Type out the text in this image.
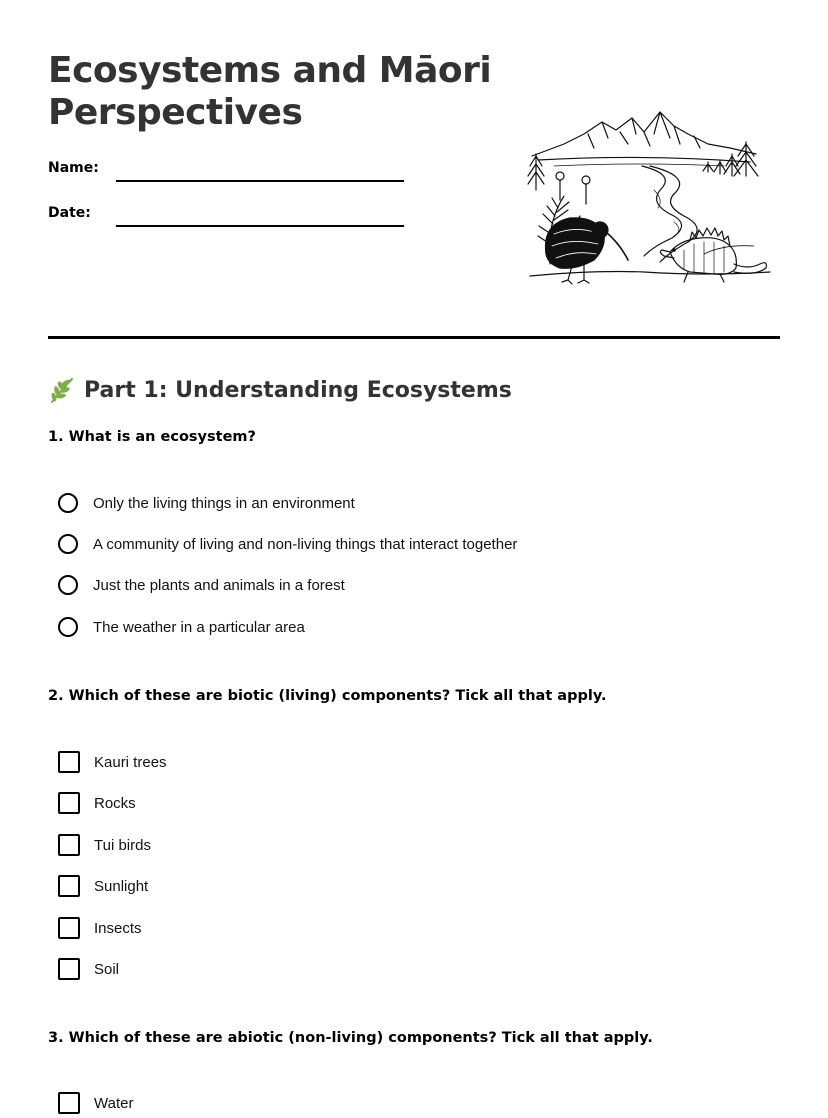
Ecosystems and Māori
Perspectives
Name:
Date:
Part 1: Understanding Ecosystems

1. What is an ecosystem?

Only the living things in an environment
A community of living and non-living things that interact together
Just the plants and animals in a forest
The weather in a particular area

2. Which of these are biotic (living) components? Tick all that apply.

Kauri trees
Rocks
Tui birds
Sunlight
Insects
Soil

3. Which of these are abiotic (non-living) components? Tick all that apply.

Water
